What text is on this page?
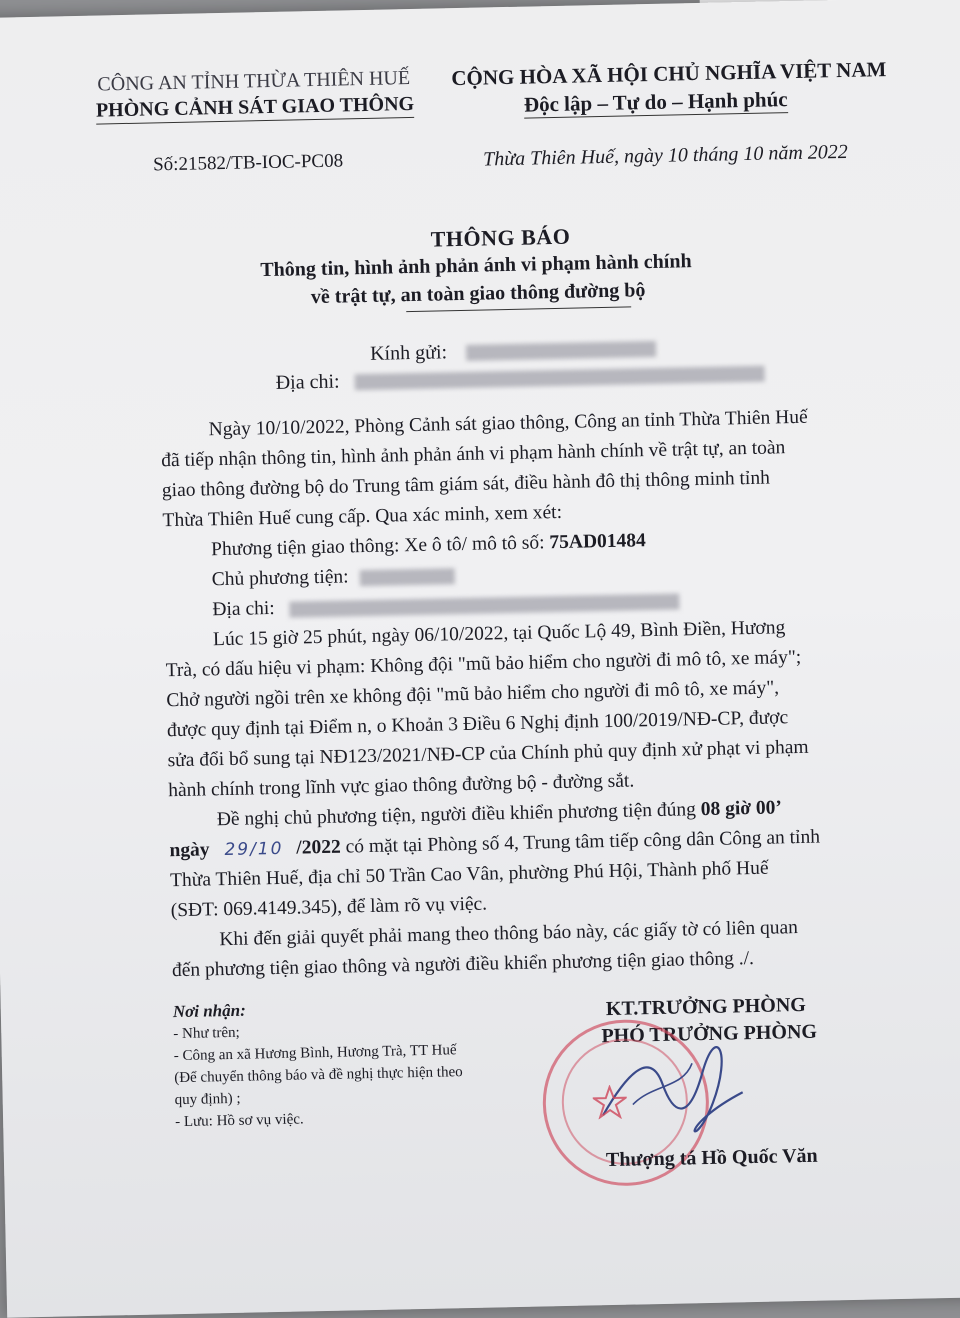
CÔNG AN TỈNH THỪA THIÊN HUẾ
PHÒNG CẢNH SÁT GIAO THÔNG
Số:21582/TB-IOC-PC08
CỘNG HÒA XÃ HỘI CHỦ NGHĨA VIỆT NAM
Độc lập – Tự do – Hạnh phúc
Thừa Thiên Huế, ngày 10 tháng 10 năm 2022
THÔNG BÁO
Thông tin, hình ảnh phản ánh vi phạm hành chính
về trật tự, an toàn giao thông đường bộ
Kính gửi:
Địa chi:
Ngày 10/10/2022, Phòng Cảnh sát giao thông, Công an tỉnh Thừa Thiên Huế
đã tiếp nhận thông tin, hình ảnh phản ánh vi phạm hành chính về trật tự, an toàn
giao thông đường bộ do Trung tâm giám sát, điều hành đô thị thông minh tỉnh
Thừa Thiên Huế cung cấp. Qua xác minh, xem xét:
Phương tiện giao thông: Xe ô tô/ mô tô số: 75AD01484
Chủ phương tiện:
Địa chi:
Lúc 15 giờ 25 phút, ngày 06/10/2022, tại Quốc Lộ 49, Bình Điền, Hương
Trà, có dấu hiệu vi phạm: Không đội "mũ bảo hiểm cho người đi mô tô, xe máy";
Chở người ngồi trên xe không đội "mũ bảo hiểm cho người đi mô tô, xe máy",
được quy định tại Điểm n, o Khoản 3 Điều 6 Nghị định 100/2019/NĐ-CP, được
sửa đổi bổ sung tại NĐ123/2021/NĐ-CP của Chính phủ quy định xử phạt vi phạm
hành chính trong lĩnh vực giao thông đường bộ - đường sắt.
Đề nghị chủ phương tiện, người điều khiển phương tiện đúng 08 giờ 00’
ngày 29/10 /2022 có mặt tại Phòng số 4, Trung tâm tiếp công dân Công an tỉnh
Thừa Thiên Huế, địa chỉ 50 Trần Cao Vân, phường Phú Hội, Thành phố Huế
(SĐT: 069.4149.345), để làm rõ vụ việc.
Khi đến giải quyết phải mang theo thông báo này, các giấy tờ có liên quan
đến phương tiện giao thông và người điều khiển phương tiện giao thông ./.
Nơi nhận:
- Như trên;
- Công an xã Hương Bình, Hương Trà, TT Huế
(Để chuyển thông báo và đề nghị thực hiện theo
quy định) ;
- Lưu: Hồ sơ vụ việc.
KT.TRƯỞNG PHÒNG
PHÓ TRƯỞNG PHÒNG
Thượng tá Hồ Quốc Văn
